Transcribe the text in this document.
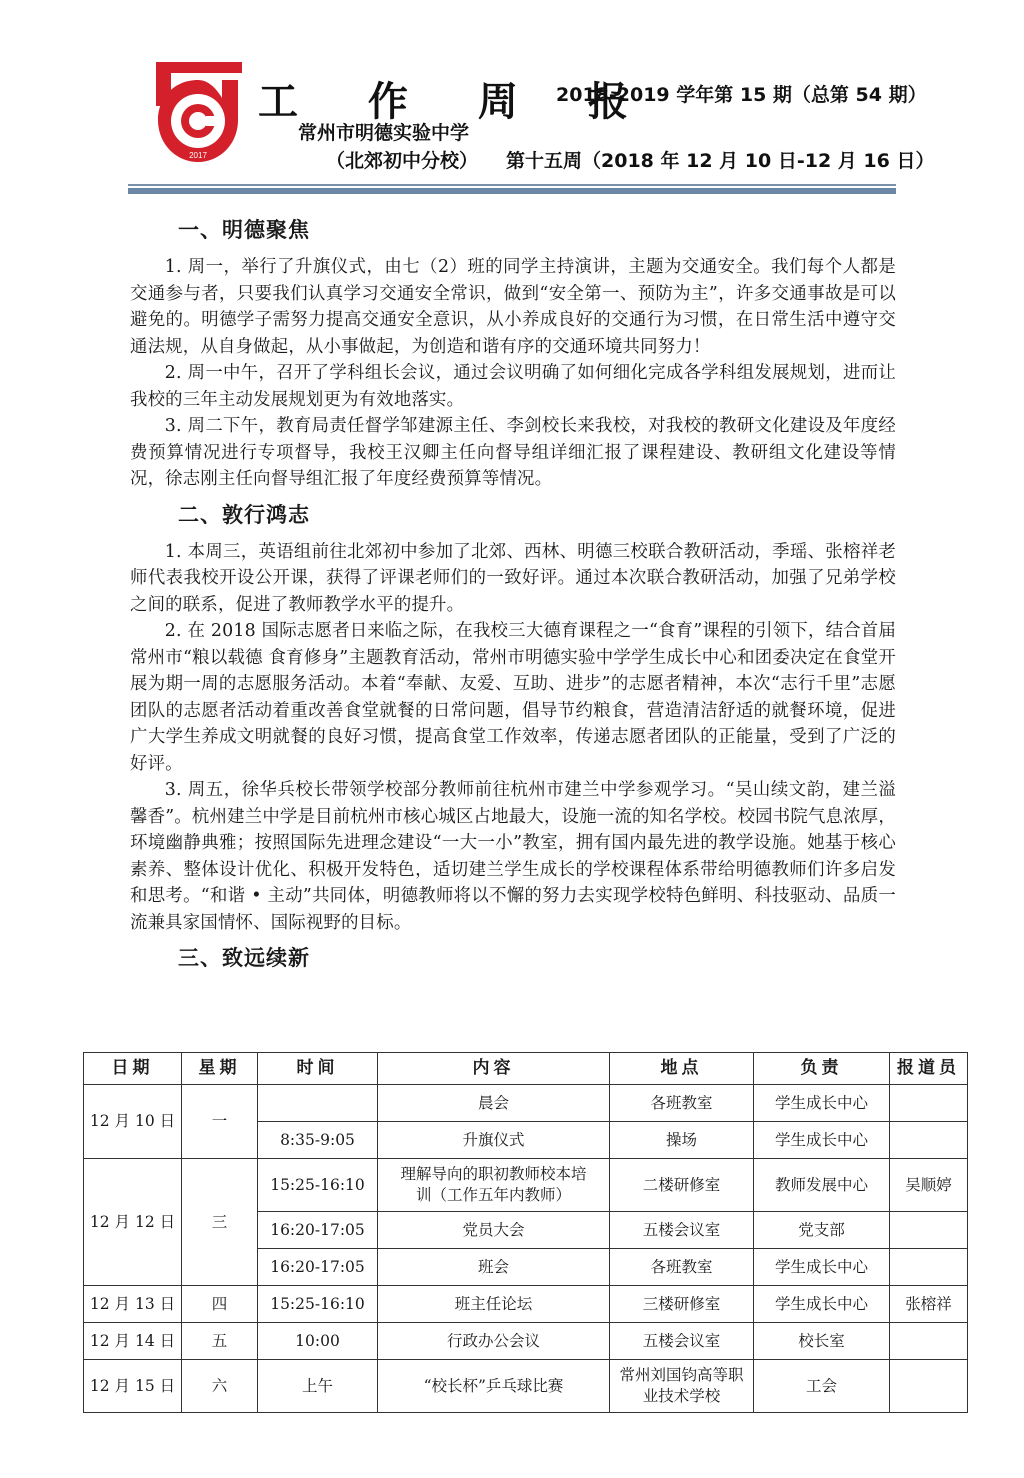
2017
工 作 周 报
2018-2019 学年第 15 期（总第 54 期）
常州市明德实验中学
（北郊初中分校） 第十五周（2018 年 12 月 10 日-12 月 16 日）
一、明德聚焦

1. 周一，举行了升旗仪式，由七（2）班的同学主持演讲，主题为交通安全。我们每个人都是交通参与者，只要我们认真学习交通安全常识，做到“安全第一、预防为主”，许多交通事故是可以避免的。明德学子需努力提高交通安全意识，从小养成良好的交通行为习惯，在日常生活中遵守交通法规，从自身做起，从小事做起，为创造和谐有序的交通环境共同努力！

2. 周一中午，召开了学科组长会议，通过会议明确了如何细化完成各学科组发展规划，进而让我校的三年主动发展规划更为有效地落实。

3. 周二下午，教育局责任督学邹建源主任、李剑校长来我校，对我校的教研文化建设及年度经费预算情况进行专项督导，我校王汉卿主任向督导组详细汇报了课程建设、教研组文化建设等情况，徐志刚主任向督导组汇报了年度经费预算等情况。

二、敦行鸿志

1. 本周三，英语组前往北郊初中参加了北郊、西林、明德三校联合教研活动，季瑶、张榕祥老师代表我校开设公开课，获得了评课老师们的一致好评。通过本次联合教研活动，加强了兄弟学校之间的联系，促进了教师教学水平的提升。

2. 在 2018 国际志愿者日来临之际，在我校三大德育课程之一“食育”课程的引领下，结合首届常州市“粮以载德 食育修身”主题教育活动，常州市明德实验中学学生成长中心和团委决定在食堂开展为期一周的志愿服务活动。本着“奉献、友爱、互助、进步”的志愿者精神，本次“志行千里”志愿团队的志愿者活动着重改善食堂就餐的日常问题，倡导节约粮食，营造清洁舒适的就餐环境，促进广大学生养成文明就餐的良好习惯，提高食堂工作效率，传递志愿者团队的正能量，受到了广泛的好评。

3. 周五，徐华兵校长带领学校部分教师前往杭州市建兰中学参观学习。“吴山续文韵，建兰溢馨香”。杭州建兰中学是目前杭州市核心城区占地最大，设施一流的知名学校。校园书院气息浓厚，环境幽静典雅；按照国际先进理念建设“一大一小”教室，拥有国内最先进的教学设施。她基于核心素养、整体设计优化、积极开发特色，适切建兰学生成长的学校课程体系带给明德教师们许多启发和思考。“和谐 • 主动”共同体，明德教师将以不懈的努力去实现学校特色鲜明、科技驱动、品质一流兼具家国情怀、国际视野的目标。

三、致远续新
日期	星期	时间	内容	地点	负责	报道员
12 月 10 日	一		晨会	各班教室	学生成长中心	
		8:35-9:05	升旗仪式	操场	学生成长中心	
12 月 12 日	三	15:25-16:10	理解导向的职初教师校本培训（工作五年内教师）	二楼研修室	教师发展中心	吴顺婷
		16:20-17:05	党员大会	五楼会议室	党支部	
		16:20-17:05	班会	各班教室	学生成长中心	
12 月 13 日	四	15:25-16:10	班主任论坛	三楼研修室	学生成长中心	张榕祥
12 月 14 日	五	10:00	行政办公会议	五楼会议室	校长室	
12 月 15 日	六	上午	“校长杯”乒乓球比赛	常州刘国钧高等职业技术学校	工会	
